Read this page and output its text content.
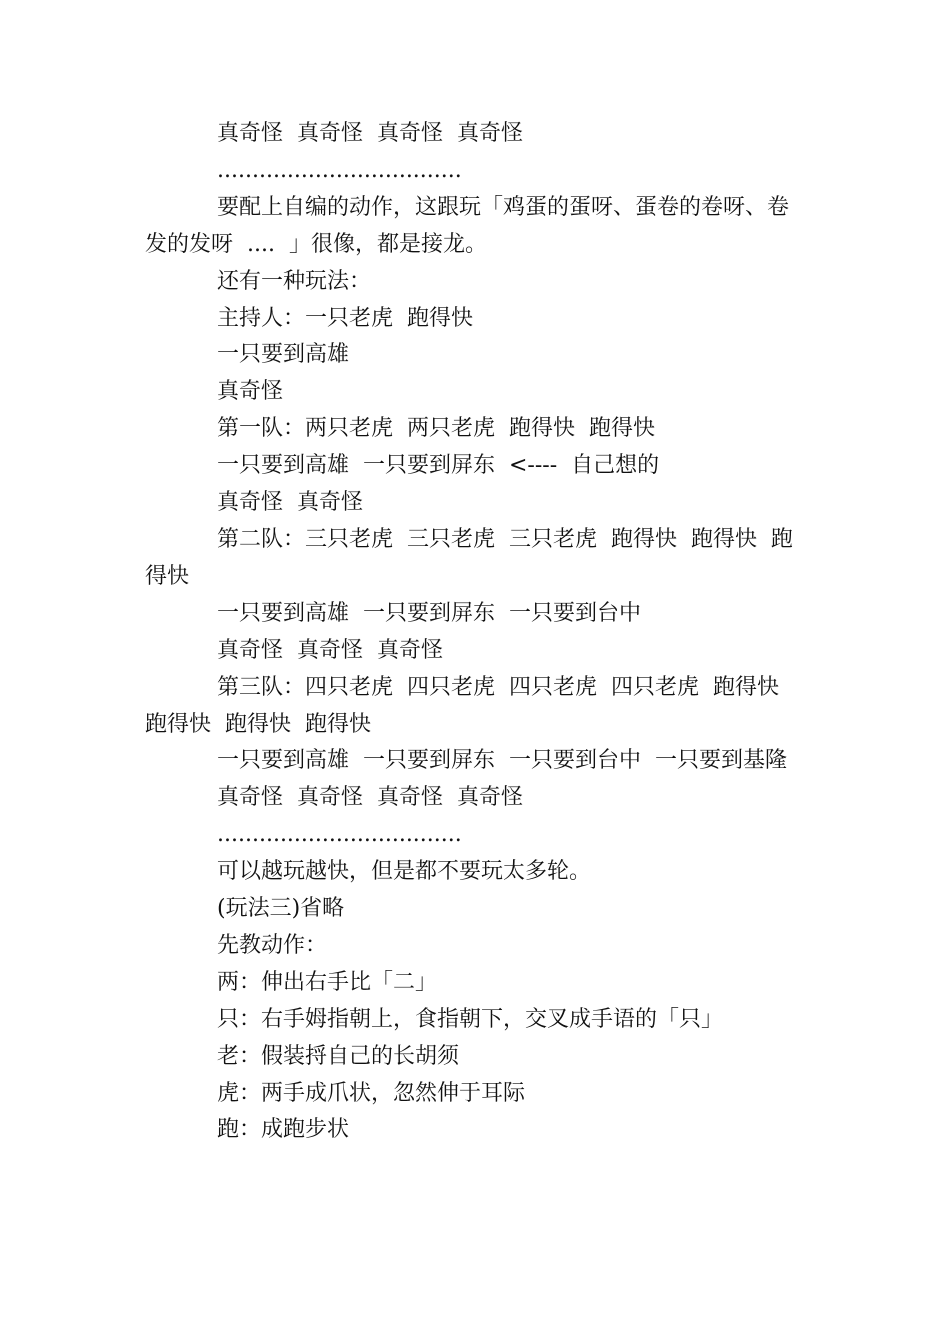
真奇怪  真奇怪  真奇怪  真奇怪

...................................

要配上自编的动作，这跟玩「鸡蛋的蛋呀、蛋卷的卷呀、卷发的发呀  ....  」很像，都是接龙。

还有一种玩法：

主持人：一只老虎  跑得快

一只要到高雄

真奇怪

第一队：两只老虎  两只老虎  跑得快  跑得快

一只要到高雄  一只要到屏东  <----  自己想的

真奇怪  真奇怪

第二队：三只老虎  三只老虎  三只老虎  跑得快  跑得快  跑得快

一只要到高雄  一只要到屏东  一只要到台中

真奇怪  真奇怪  真奇怪

第三队：四只老虎  四只老虎  四只老虎  四只老虎  跑得快  跑得快  跑得快  跑得快

一只要到高雄  一只要到屏东  一只要到台中  一只要到基隆

真奇怪  真奇怪  真奇怪  真奇怪

...................................

可以越玩越快，但是都不要玩太多轮。

(玩法三)省略

先教动作：

两：伸出右手比「二」

只：右手姆指朝上，食指朝下，交叉成手语的「只」

老：假装捋自己的长胡须

虎：两手成爪状，忽然伸于耳际

跑：成跑步状
